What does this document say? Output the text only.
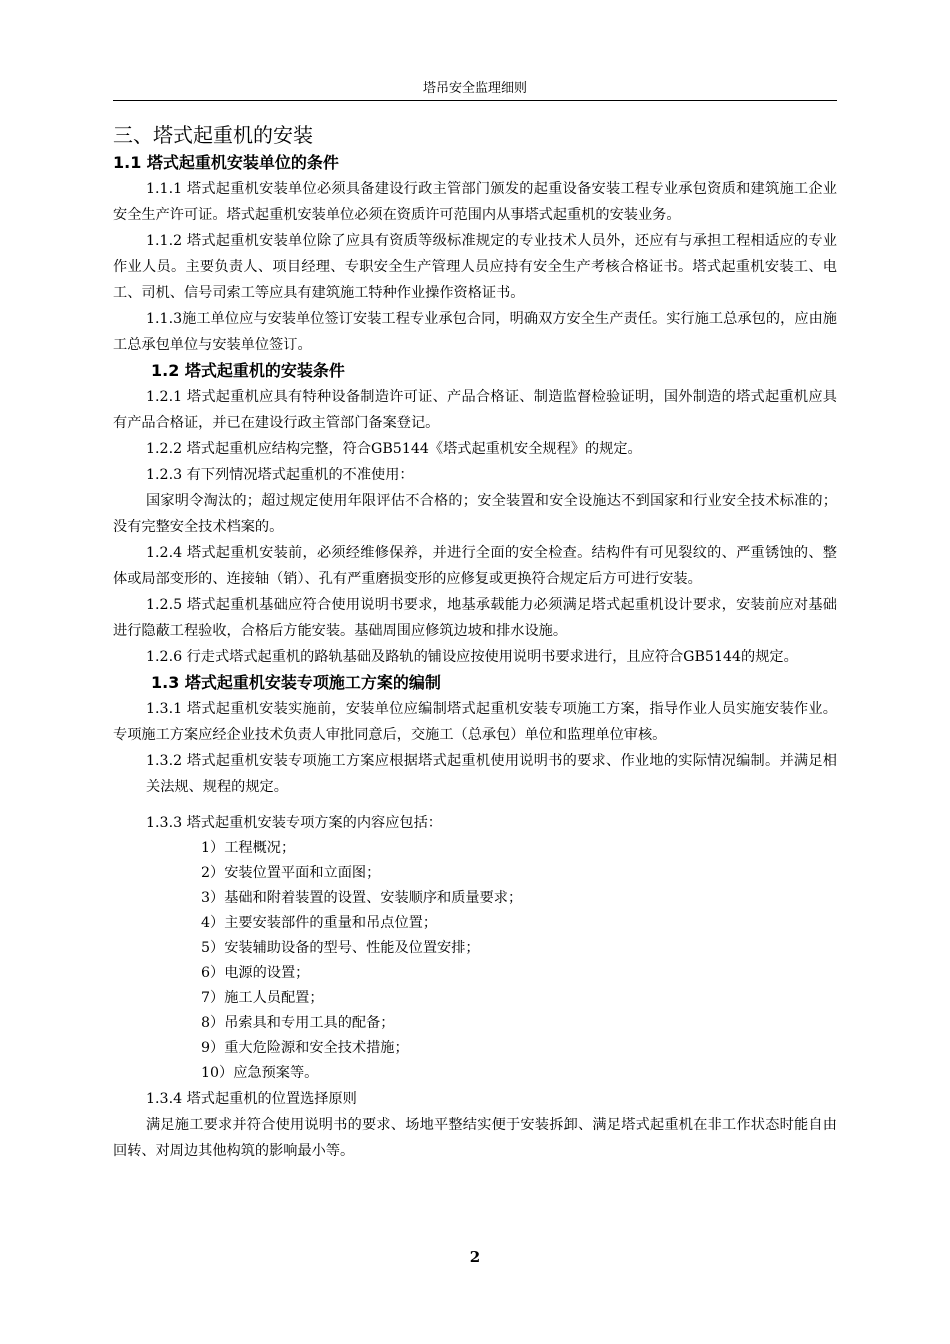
塔吊安全监理细则
三、塔式起重机的安装
1.1 塔式起重机安装单位的条件

1.1.1 塔式起重机安装单位必须具备建设行政主管部门颁发的起重设备安装工程专业承包资质和建筑施工企业安全生产许可证。塔式起重机安装单位必须在资质许可范围内从事塔式起重机的安装业务。

1.1.2 塔式起重机安装单位除了应具有资质等级标准规定的专业技术人员外，还应有与承担工程相适应的专业作业人员。主要负责人、项目经理、专职安全生产管理人员应持有安全生产考核合格证书。塔式起重机安装工、电工、司机、信号司索工等应具有建筑施工特种作业操作资格证书。

1.1.3施工单位应与安装单位签订安装工程专业承包合同，明确双方安全生产责任。实行施工总承包的，应由施工总承包单位与安装单位签订。

1.2 塔式起重机的安装条件

1.2.1 塔式起重机应具有特种设备制造许可证、产品合格证、制造监督检验证明，国外制造的塔式起重机应具有产品合格证，并已在建设行政主管部门备案登记。

1.2.2 塔式起重机应结构完整，符合GB5144《塔式起重机安全规程》的规定。

1.2.3 有下列情况塔式起重机的不准使用：

国家明令淘汰的；超过规定使用年限评估不合格的；安全装置和安全设施达不到国家和行业安全技术标准的；没有完整安全技术档案的。

1.2.4 塔式起重机安装前，必须经维修保养，并进行全面的安全检查。结构件有可见裂纹的、严重锈蚀的、整体或局部变形的、连接轴（销）、孔有严重磨损变形的应修复或更换符合规定后方可进行安装。

1.2.5 塔式起重机基础应符合使用说明书要求，地基承载能力必须满足塔式起重机设计要求，安装前应对基础进行隐蔽工程验收，合格后方能安装。基础周围应修筑边坡和排水设施。

1.2.6 行走式塔式起重机的路轨基础及路轨的铺设应按使用说明书要求进行，且应符合GB5144的规定。

1.3 塔式起重机安装专项施工方案的编制

1.3.1 塔式起重机安装实施前，安装单位应编制塔式起重机安装专项施工方案，指导作业人员实施安装作业。专项施工方案应经企业技术负责人审批同意后，交施工（总承包）单位和监理单位审核。

1.3.2 塔式起重机安装专项施工方案应根据塔式起重机使用说明书的要求、作业地的实际情况编制。并满足相关法规、规程的规定。

1.3.3 塔式起重机安装专项方案的内容应包括：

1）工程概况；
2）安装位置平面和立面图；
3）基础和附着装置的设置、安装顺序和质量要求；
4）主要安装部件的重量和吊点位置；
5）安装辅助设备的型号、性能及位置安排；
6）电源的设置；
7）施工人员配置；
8）吊索具和专用工具的配备；
9）重大危险源和安全技术措施；
10）应急预案等。

1.3.4 塔式起重机的位置选择原则

满足施工要求并符合使用说明书的要求、场地平整结实便于安装拆卸、满足塔式起重机在非工作状态时能自由回转、对周边其他构筑的影响最小等。

2
